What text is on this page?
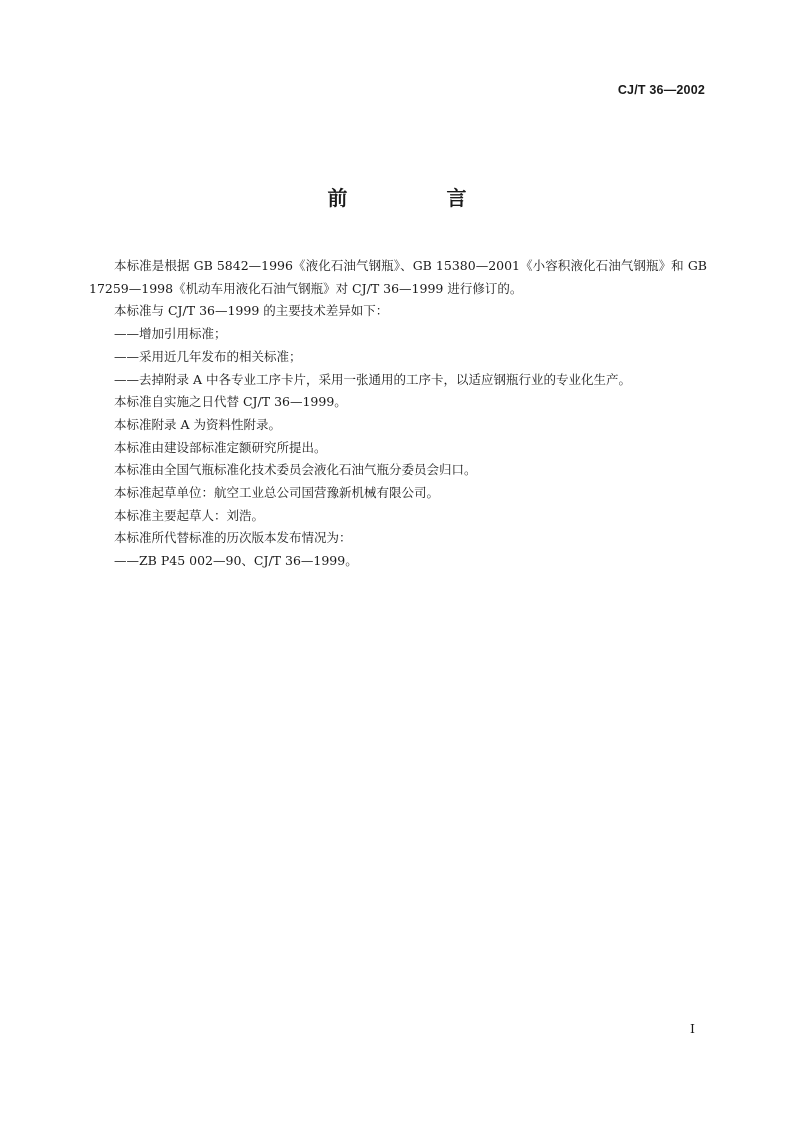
CJ/T 36—2002
前 言

本标准是根据 GB 5842—1996《液化石油气钢瓶》、GB 15380—2001《小容积液化石油气钢瓶》和 GB 17259—1998《机动车用液化石油气钢瓶》对 CJ/T 36—1999 进行修订的。

本标准与 CJ/T 36—1999 的主要技术差异如下：

——增加引用标准；

——采用近几年发布的相关标准；

——去掉附录 A 中各专业工序卡片，采用一张通用的工序卡，以适应钢瓶行业的专业化生产。

本标准自实施之日代替 CJ/T 36—1999。

本标准附录 A 为资料性附录。

本标准由建设部标准定额研究所提出。

本标准由全国气瓶标准化技术委员会液化石油气瓶分委员会归口。

本标准起草单位：航空工业总公司国营豫新机械有限公司。

本标准主要起草人：刘浩。

本标准所代替标准的历次版本发布情况为：

——ZB P45 002—90、CJ/T 36—1999。

I
